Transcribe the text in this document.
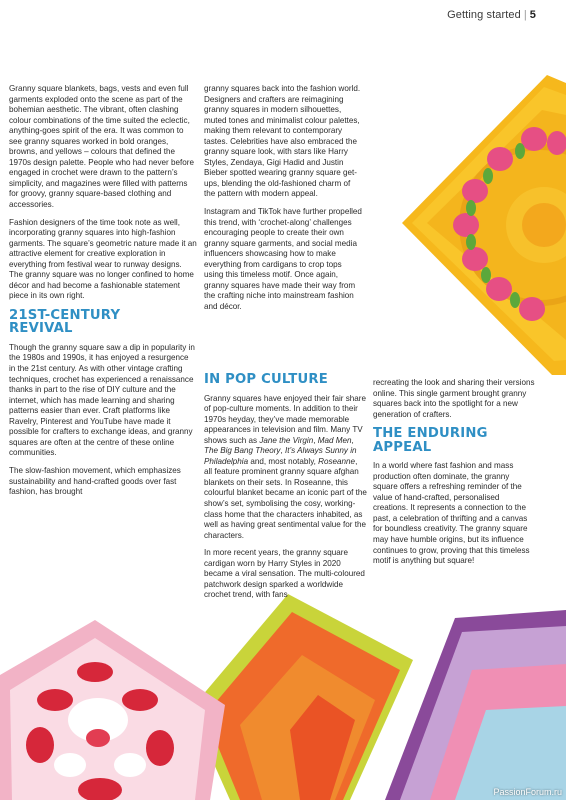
Getting started | 5

Granny square blankets, bags, vests and even full garments exploded onto the scene as part of the bohemian aesthetic. The vibrant, often clashing colour combinations of the time suited the eclectic, anything-goes spirit of the era. It was common to see granny squares worked in bold oranges, browns, and yellows – colours that defined the 1970s design palette. People who had never before engaged in crochet were drawn to the pattern’s simplicity, and magazines were filled with patterns for groovy, granny square-based clothing and accessories.

Fashion designers of the time took note as well, incorporating granny squares into high-fashion garments. The square’s geometric nature made it an attractive element for creative exploration in everything from festival wear to runway designs. The granny square was no longer confined to home décor and had become a fashionable statement piece in its own right.

21ST-CENTURY
REVIVAL

Though the granny square saw a dip in popularity in the 1980s and 1990s, it has enjoyed a resurgence in the 21st century. As with other vintage crafting techniques, crochet has experienced a renaissance thanks in part to the rise of DIY culture and the internet, which has made learning and sharing patterns easier than ever. Craft platforms like Ravelry, Pinterest and YouTube have made it possible for crafters to exchange ideas, and granny squares are often at the centre of these online communities.

The slow-fashion movement, which emphasizes sustainability and hand-crafted goods over fast fashion, has brought

granny squares back into the fashion world. Designers and crafters are reimagining granny squares in modern silhouettes, muted tones and minimalist colour palettes, making them relevant to contemporary tastes. Celebrities have also embraced the granny square look, with stars like Harry Styles, Zendaya, Gigi Hadid and Justin Bieber spotted wearing granny square get-ups, blending the old-fashioned charm of the pattern with modern appeal.

Instagram and TikTok have further propelled this trend, with ‘crochet-along’ challenges encouraging people to create their own granny square garments, and social media influencers showcasing how to make everything from cardigans to crop tops using this timeless motif. Once again, granny squares have made their way from the crafting niche into mainstream fashion and décor.

IN POP CULTURE

Granny squares have enjoyed their fair share of pop-culture moments. In addition to their 1970s heyday, they’ve made memorable appearances in television and film. Many TV shows such as Jane the Virgin, Mad Men, The Big Bang Theory, It’s Always Sunny in Philadelphia and, most notably, Roseanne, all feature prominent granny square afghan blankets on their sets. In Roseanne, this colourful blanket became an iconic part of the show’s set, symbolising the cosy, working-class home that the characters inhabited, as well as having great sentimental value for the characters.

In more recent years, the granny square cardigan worn by Harry Styles in 2020 became a viral sensation. The multi-coloured patchwork design sparked a worldwide crochet trend, with fans

recreating the look and sharing their versions online. This single garment brought granny squares back into the spotlight for a new generation of crafters.

THE ENDURING
APPEAL

In a world where fast fashion and mass production often dominate, the granny square offers a refreshing reminder of the value of hand-crafted, personalised creations. It represents a connection to the past, a celebration of thrifting and a canvas for boundless creativity. The granny square may have humble origins, but its influence continues to grow, proving that this timeless motif is anything but square!

PassionForum.ru
